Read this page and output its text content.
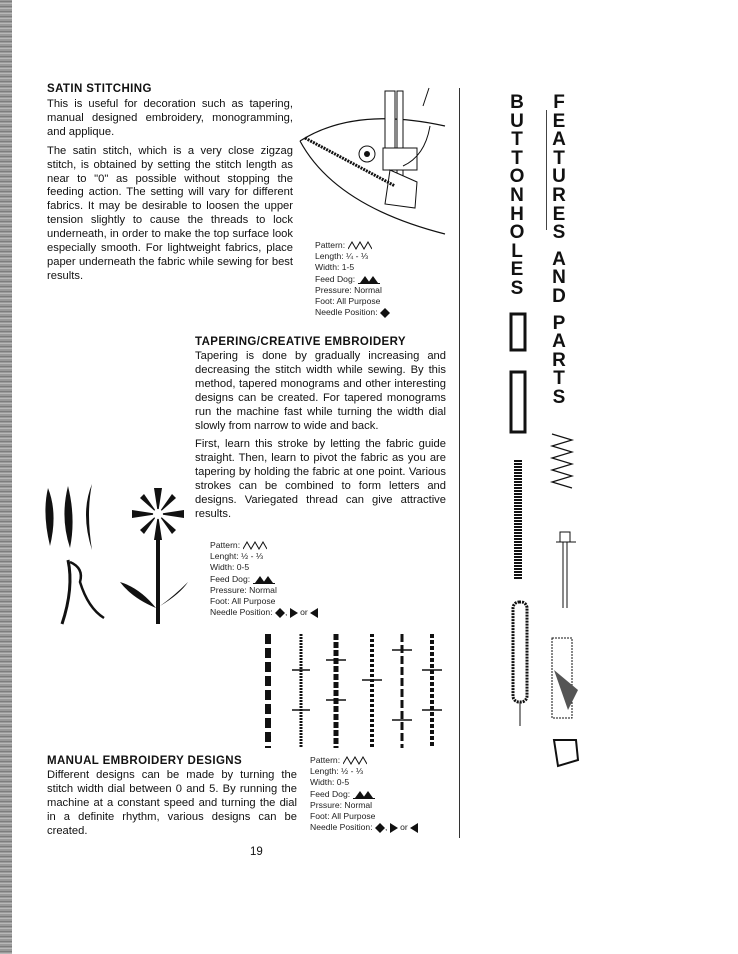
SATIN STITCHING

This is useful for decoration such as tapering, manual designed embroidery, monogramming, and applique.

The satin stitch, which is a very close zigzag stitch, is obtained by setting the stitch length as near to "0" as possible without stopping the feeding action. The setting will vary for different fabrics. It may be desirable to loosen the upper tension slightly to cause the threads to lock underneath, in order to make the top surface look especially smooth. For lightweight fabrics, place paper underneath the fabric while sewing for best results.

Pattern:
Length: ¼ - ⅓
Width: 1-5
Feed Dog:
Pressure: Normal
Foot: All Purpose
Needle Position:
TAPERING/CREATIVE EMBROIDERY

Tapering is done by gradually increasing and decreasing the stitch width while sewing. By this method, tapered monograms and other interesting designs can be created. For tapered monograms run the machine fast while turning the width dial slowly from narrow to wide and back.

First, learn this stroke by letting the fabric guide straight. Then, learn to pivot the fabric as you are tapering by holding the fabric at one point. Various strokes can be combined to form letters and designs. Variegated thread can give attractive results.

Pattern:
Lenght: ½ - ⅓
Width: 0-5
Feed Dog:
Pressure: Normal
Foot: All Purpose
Needle Position: ,  or
MANUAL EMBROIDERY DESIGNS

Different designs can be made by turning the stitch width dial between 0 and 5. By running the machine at a constant speed and turning the dial in a definite rhythm, various designs can be created.

Pattern:
Length: ½ - ⅓
Width: 0-5
Feed Dog:
Prssure: Normal
Foot: All Purpose
Needle Position: ,  or
19
B
U
T
T
O
N
H
O
L
E
S
F
E
A
T
U
R
E
S

A
N
D

P
A
R
T
S
